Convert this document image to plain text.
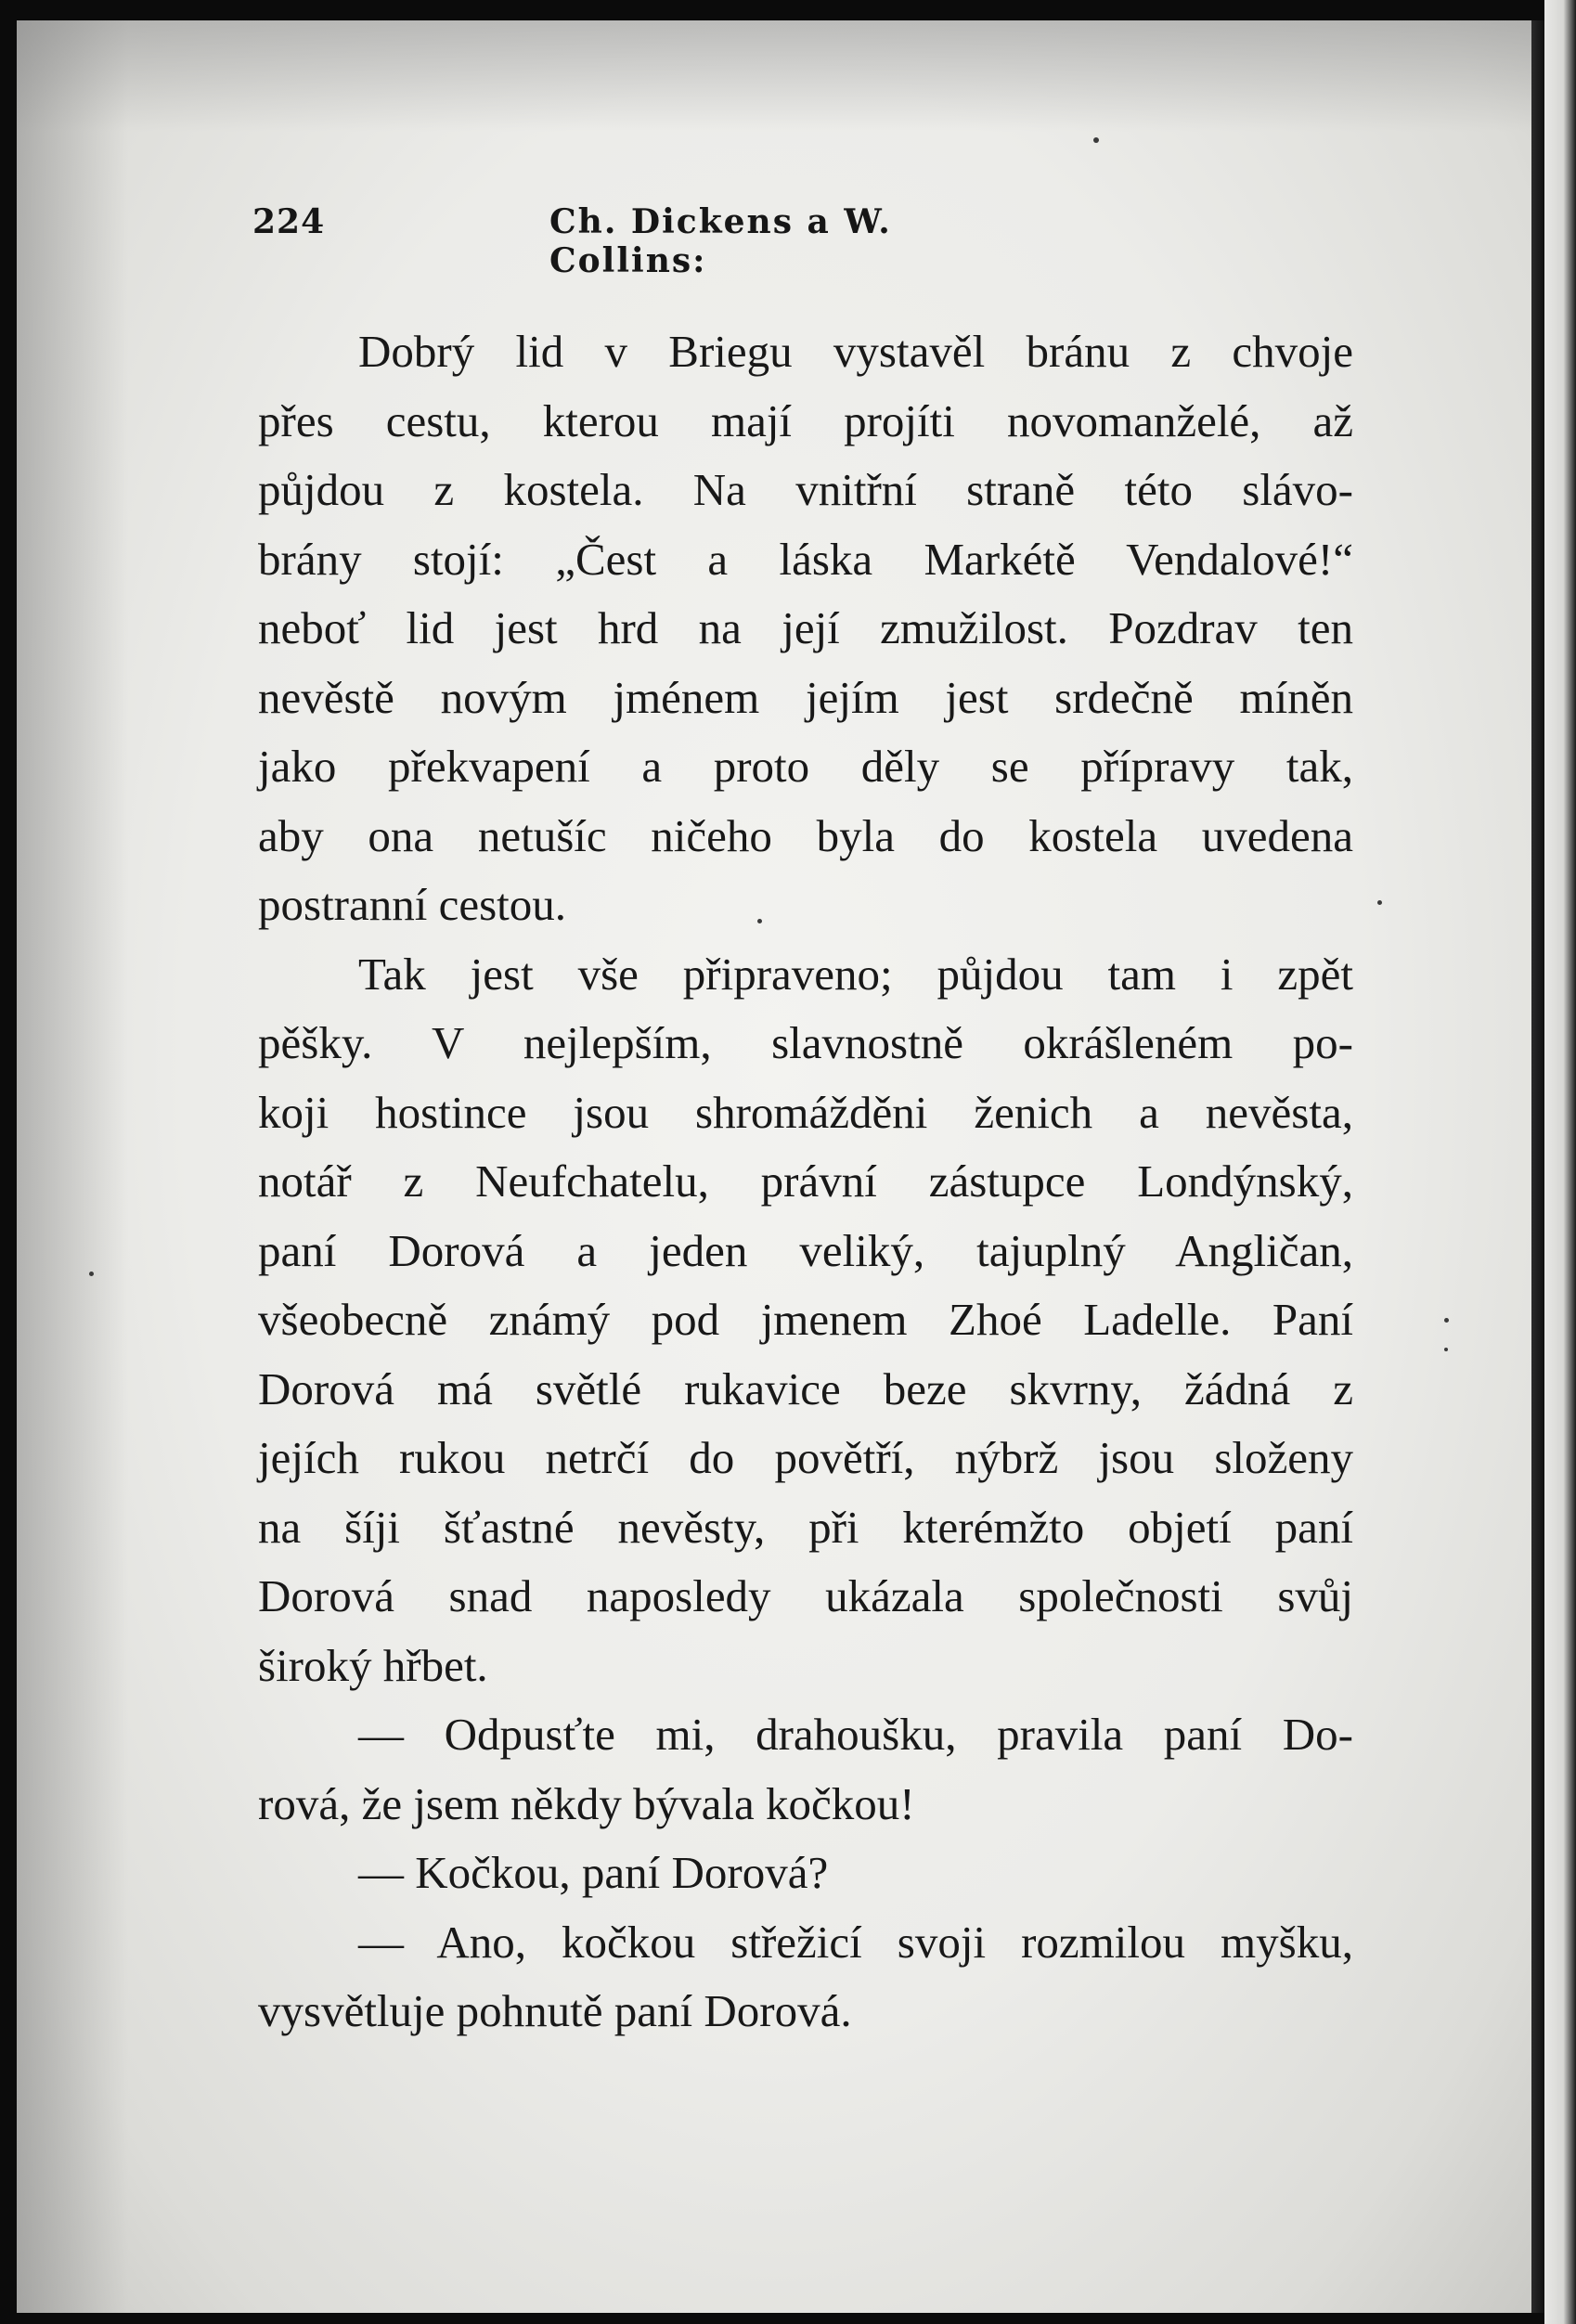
224	Ch. Dickens a W. Collins:
Dobrý lid v Briegu vystavěl bránu z chvoje
přes cestu, kterou mají projíti novomanželé, až
půjdou z kostela. Na vnitřní straně této slávo-
brány stojí: „Čest a láska Markétě Vendalové!“
neboť lid jest hrd na její zmužilost. Pozdrav ten
nevěstě novým jménem jejím jest srdečně míněn
jako překvapení a proto děly se přípravy tak,
aby ona netušíc ničeho byla do kostela uvedena
postranní cestou.
Tak jest vše připraveno; půjdou tam i zpět
pěšky. V nejlepším, slavnostně okrášleném po-
koji hostince jsou shromážděni ženich a nevěsta,
notář z Neufchatelu, právní zástupce Londýnský,
paní Dorová a jeden veliký, tajuplný Angličan,
všeobecně známý pod jmenem Zhoé Ladelle. Paní
Dorová má světlé rukavice beze skvrny, žádná z
jejích rukou netrčí do povětří, nýbrž jsou složeny
na šíji šťastné nevěsty, při kterémžto objetí paní
Dorová snad naposledy ukázala společnosti svůj
široký hřbet.
— Odpusťte mi, drahoušku, pravila paní Do-
rová, že jsem někdy bývala kočkou!
— Kočkou, paní Dorová?
— Ano, kočkou střežicí svoji rozmilou myšku,
vysvětluje pohnutě paní Dorová.
